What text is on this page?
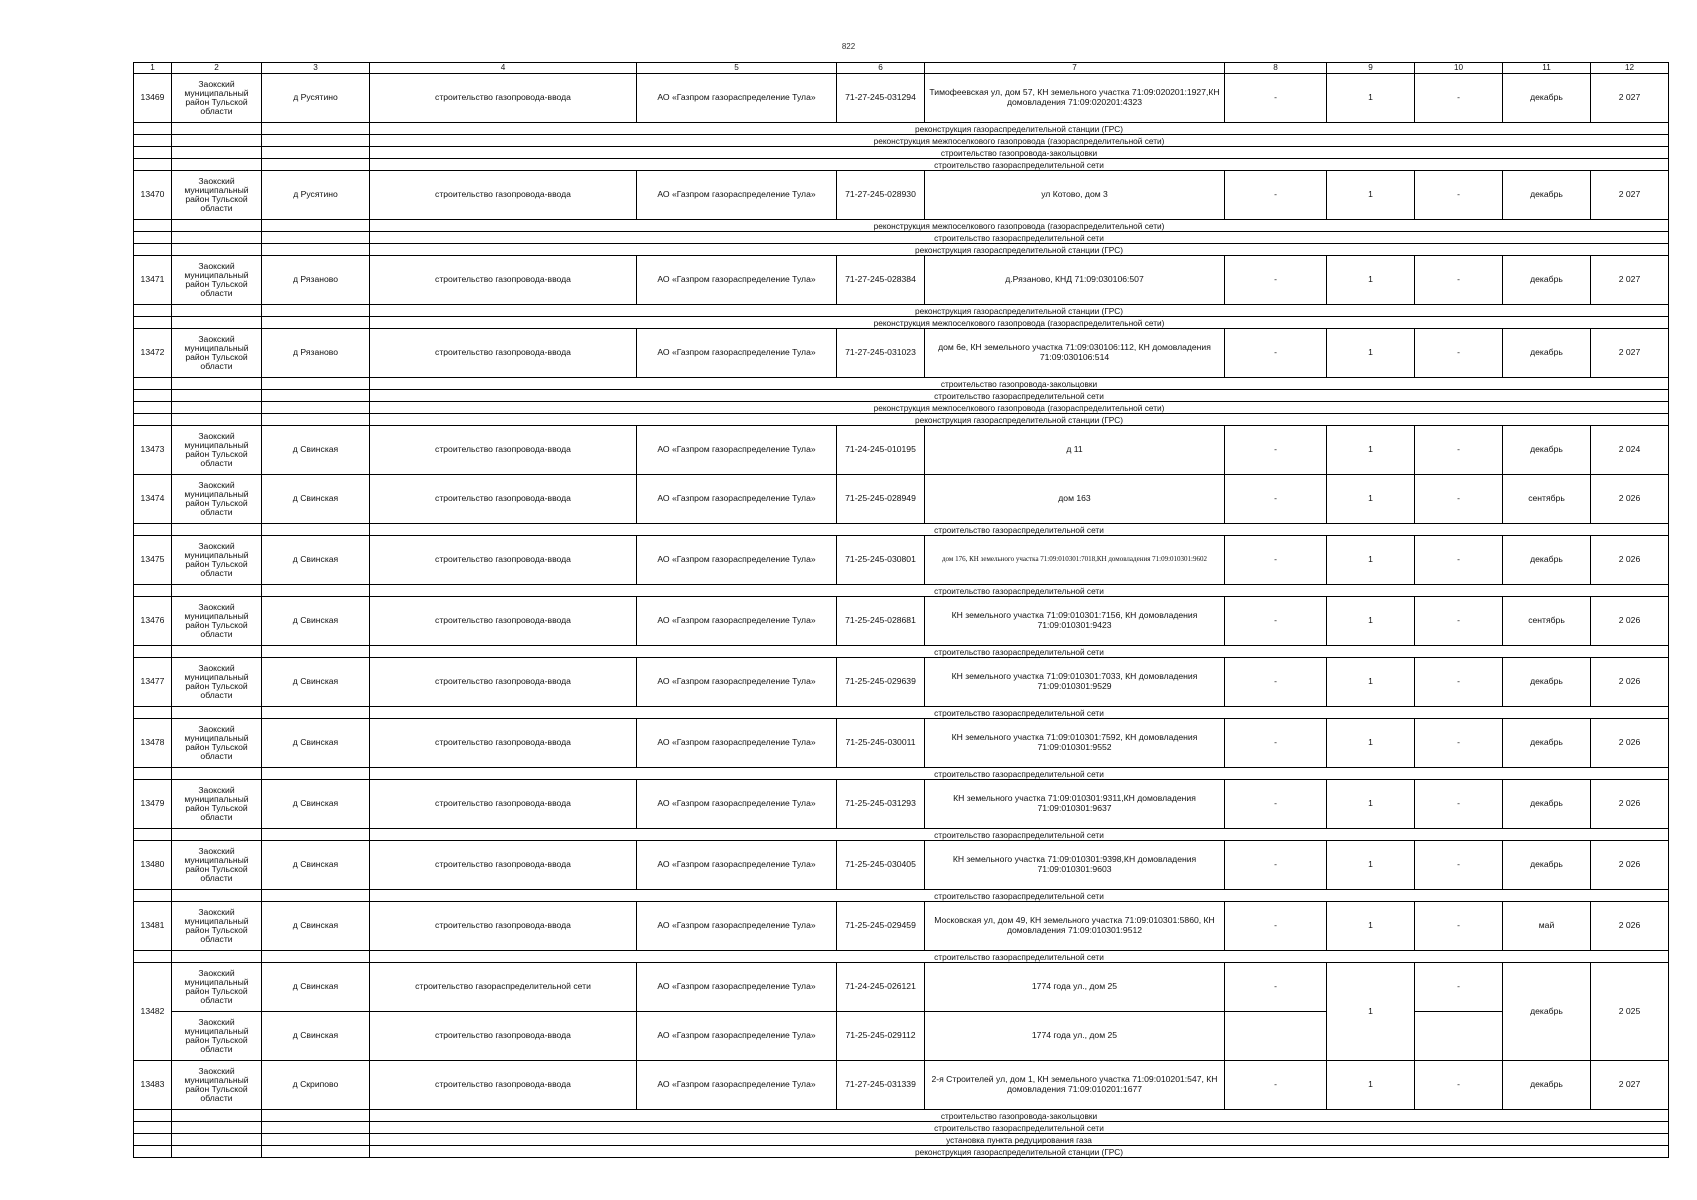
822
1	2	3	4	5	6	7	8	9	10	11	12
13469	Заокский муниципальный район Тульской области	д Русятино	строительство газопровода-ввода	АО «Газпром газораспределение Тула»	71-27-245-031294	Тимофеевская ул, дом 57, КН земельного участка 71:09:020201:1927,КН домовладения 71:09:020201:4323	-	1	-	декабрь	2 027
			реконструкция газораспределительной станции (ГРС)								
			реконструкция межпоселкового газопровода (газораспределительной сети)								
			строительство газопровода-закольцовки								
			строительство газораспределительной сети								
13470	Заокский муниципальный район Тульской области	д Русятино	строительство газопровода-ввода	АО «Газпром газораспределение Тула»	71-27-245-028930	ул Котово, дом 3	-	1	-	декабрь	2 027
			реконструкция межпоселкового газопровода (газораспределительной сети)								
			строительство газораспределительной сети								
			реконструкция газораспределительной станции (ГРС)								
13471	Заокский муниципальный район Тульской области	д Рязаново	строительство газопровода-ввода	АО «Газпром газораспределение Тула»	71-27-245-028384	д.Рязаново, КНД 71:09:030106:507	-	1	-	декабрь	2 027
			реконструкция газораспределительной станции (ГРС)								
			реконструкция межпоселкового газопровода (газораспределительной сети)								
13472	Заокский муниципальный район Тульской области	д Рязаново	строительство газопровода-ввода	АО «Газпром газораспределение Тула»	71-27-245-031023	дом 6е, КН земельного участка 71:09:030106:112, КН домовладения 71:09:030106:514	-	1	-	декабрь	2 027
			строительство газопровода-закольцовки								
			строительство газораспределительной сети								
			реконструкция межпоселкового газопровода (газораспределительной сети)								
			реконструкция газораспределительной станции (ГРС)								
13473	Заокский муниципальный район Тульской области	д Свинская	строительство газопровода-ввода	АО «Газпром газораспределение Тула»	71-24-245-010195	д 11	-	1	-	декабрь	2 024
13474	Заокский муниципальный район Тульской области	д Свинская	строительство газопровода-ввода	АО «Газпром газораспределение Тула»	71-25-245-028949	дом 163	-	1	-	сентябрь	2 026
			строительство газораспределительной сети								
13475	Заокский муниципальный район Тульской области	д Свинская	строительство газопровода-ввода	АО «Газпром газораспределение Тула»	71-25-245-030801	дом 176, КН земельного участка 71:09:010301:7018,КН домовладения 71:09:010301:9602	-	1	-	декабрь	2 026
			строительство газораспределительной сети								
13476	Заокский муниципальный район Тульской области	д Свинская	строительство газопровода-ввода	АО «Газпром газораспределение Тула»	71-25-245-028681	КН земельного участка 71:09:010301:7156, КН домовладения 71:09:010301:9423	-	1	-	сентябрь	2 026
			строительство газораспределительной сети								
13477	Заокский муниципальный район Тульской области	д Свинская	строительство газопровода-ввода	АО «Газпром газораспределение Тула»	71-25-245-029639	КН земельного участка 71:09:010301:7033, КН домовладения 71:09:010301:9529	-	1	-	декабрь	2 026
			строительство газораспределительной сети								
13478	Заокский муниципальный район Тульской области	д Свинская	строительство газопровода-ввода	АО «Газпром газораспределение Тула»	71-25-245-030011	КН земельного участка 71:09:010301:7592, КН домовладения 71:09:010301:9552	-	1	-	декабрь	2 026
			строительство газораспределительной сети								
13479	Заокский муниципальный район Тульской области	д Свинская	строительство газопровода-ввода	АО «Газпром газораспределение Тула»	71-25-245-031293	КН земельного участка 71:09:010301:9311,КН домовладения 71:09:010301:9637	-	1	-	декабрь	2 026
			строительство газораспределительной сети								
13480	Заокский муниципальный район Тульской области	д Свинская	строительство газопровода-ввода	АО «Газпром газораспределение Тула»	71-25-245-030405	КН земельного участка 71:09:010301:9398,КН домовладения 71:09:010301:9603	-	1	-	декабрь	2 026
			строительство газораспределительной сети								
13481	Заокский муниципальный район Тульской области	д Свинская	строительство газопровода-ввода	АО «Газпром газораспределение Тула»	71-25-245-029459	Московская ул, дом 49, КН земельного участка 71:09:010301:5860, КН домовладения 71:09:010301:9512	-	1	-	май	2 026
			строительство газораспределительной сети								
13482	Заокский муниципальный район Тульской области	д Свинская	строительство газораспределительной сети	АО «Газпром газораспределение Тула»	71-24-245-026121	1774 года ул., дом 25	-	1	-	декабрь	2 025
	Заокский муниципальный район Тульской области	д Свинская	строительство газопровода-ввода	АО «Газпром газораспределение Тула»	71-25-245-029112	1774 года ул., дом 25					
13483	Заокский муниципальный район Тульской области	д Скрипово	строительство газопровода-ввода	АО «Газпром газораспределение Тула»	71-27-245-031339	2-я Строителей ул, дом 1, КН земельного участка 71:09:010201:547, КН домовладения 71:09:010201:1677	-	1	-	декабрь	2 027
			строительство газопровода-закольцовки								
			строительство газораспределительной сети								
			установка пункта редуцирования газа								
			реконструкция газораспределительной станции (ГРС)								
